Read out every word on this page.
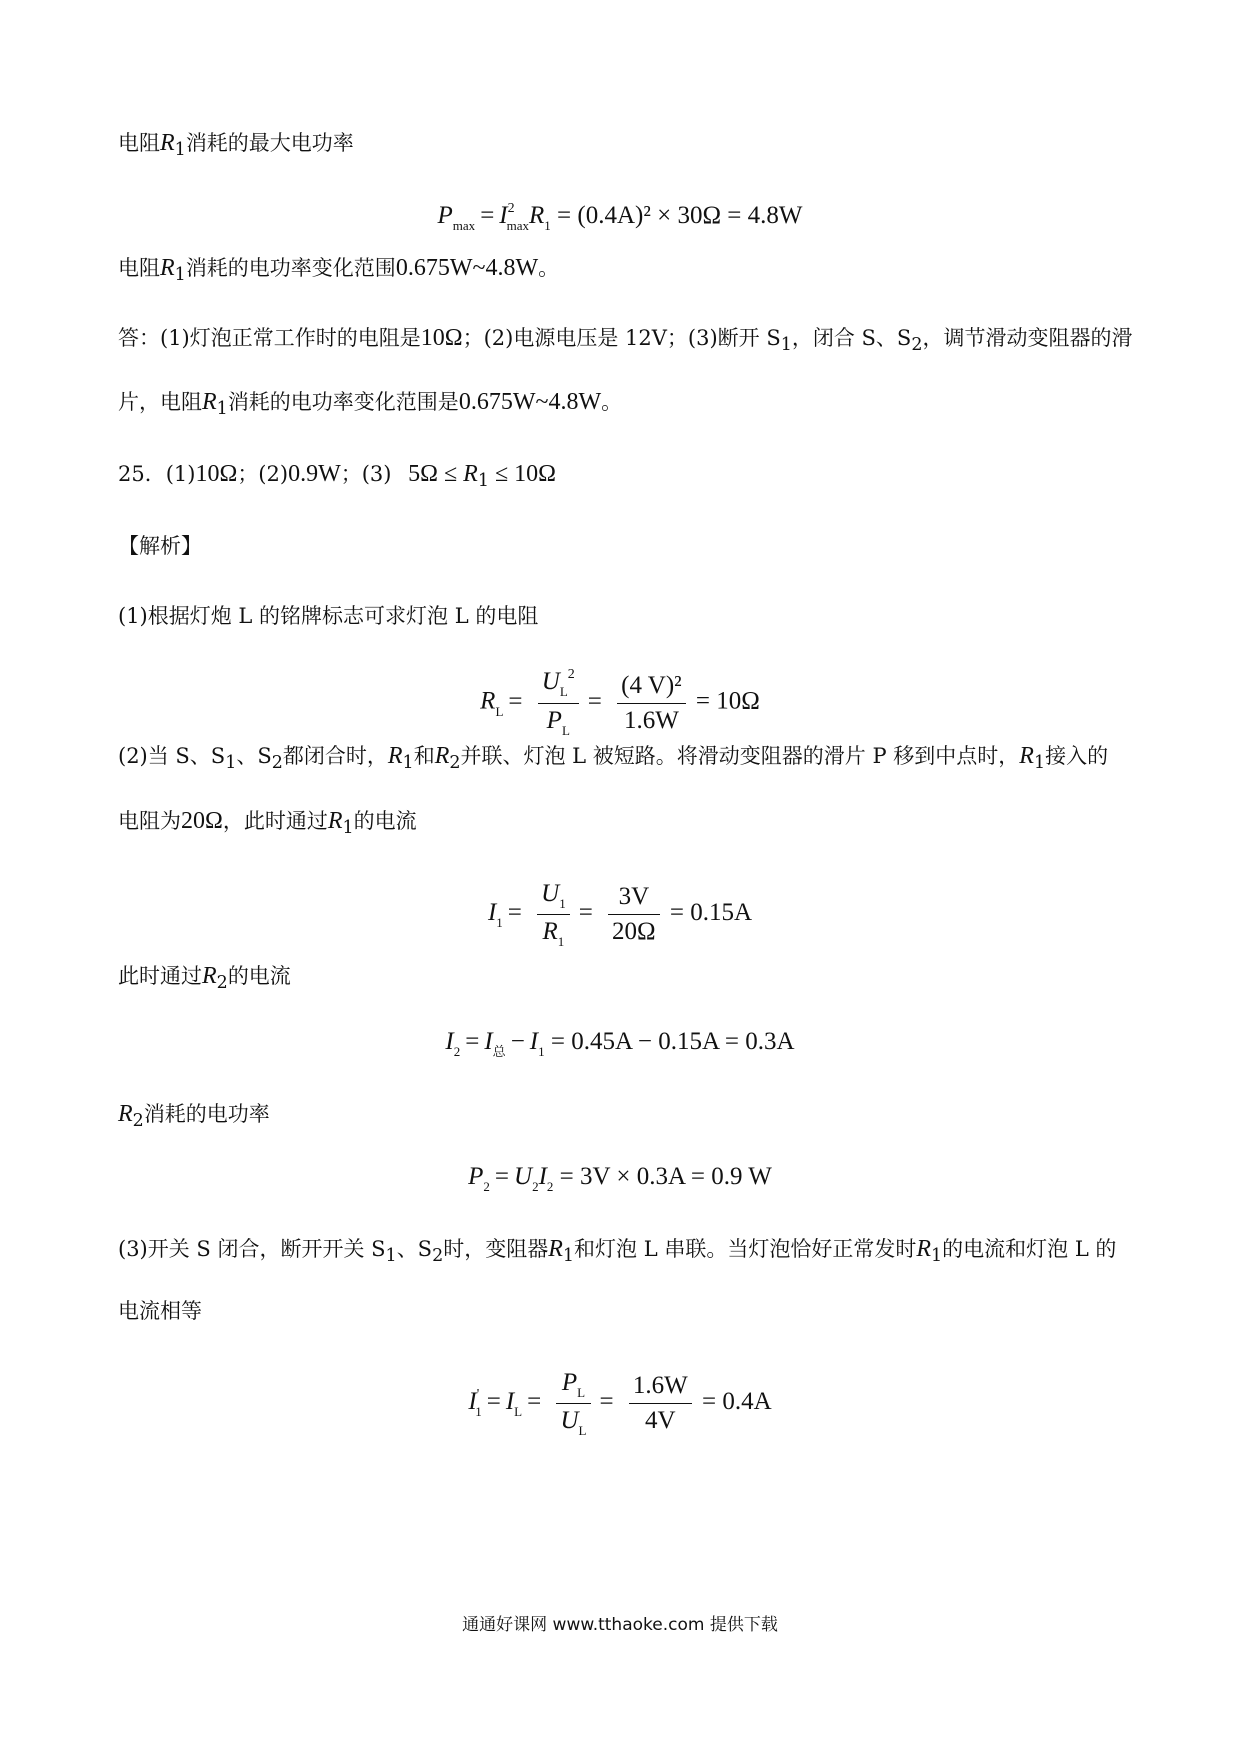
电阻$R_1$消耗的最大电功率
$P_{max} = I^2_{max}R_1 = (0.4A)^2 \times 30\Omega = 4.8W$
电阻$R_1$消耗的电功率变化范围0.675W~4.8W。
答：(1)灯泡正常工作时的电阻是10Ω；(2)电源电压是 12V；(3)断开 $S_1$，闭合 S、$S_2$，调节滑动变阻器的滑
片，电阻$R_1$消耗的电功率变化范围是0.675W~4.8W。
25．(1)10Ω；(2)0.9W；(3) $5\Omega \le R_1 \le 10\Omega$
【解析】
(1)根据灯炮 L 的铭牌标志可求灯泡 L 的电阻
$R_L = \frac{U_L^2}{P_L} = \frac{\text{(4 V)²}}{1.6W} = 10\Omega$
(2)当 S、$S_1$、$S_2$都闭合时，$R_1$和$R_2$并联、灯泡 L 被短路。将滑动变阻器的滑片 P 移到中点时，$R_1$接入的
电阻为20Ω，此时通过$R_1$的电流
$I_1 = \frac{U_1}{R_1} = \frac{3V}{20\Omega} = 0.15A$
此时通过$R_2$的电流
$I_2 = I_总 - I_1 = 0.45A - 0.15A = 0.3A$
$R_2$消耗的电功率
$P_2 = U_2I_2 = 3V \times 0.3A = 0.9$ W
(3)开关 S 闭合，断开开关 $S_1$、$S_2$时，变阻器$R_1$和灯泡 L 串联。当灯泡恰好正常发时$R_1$的电流和灯泡 L 的
电流相等
$I'_1 = I_L = \frac{P_L}{U_L} = \frac{1.6W}{4V} = 0.4A$
通通好课网 www.tthaoke.com 提供下载
